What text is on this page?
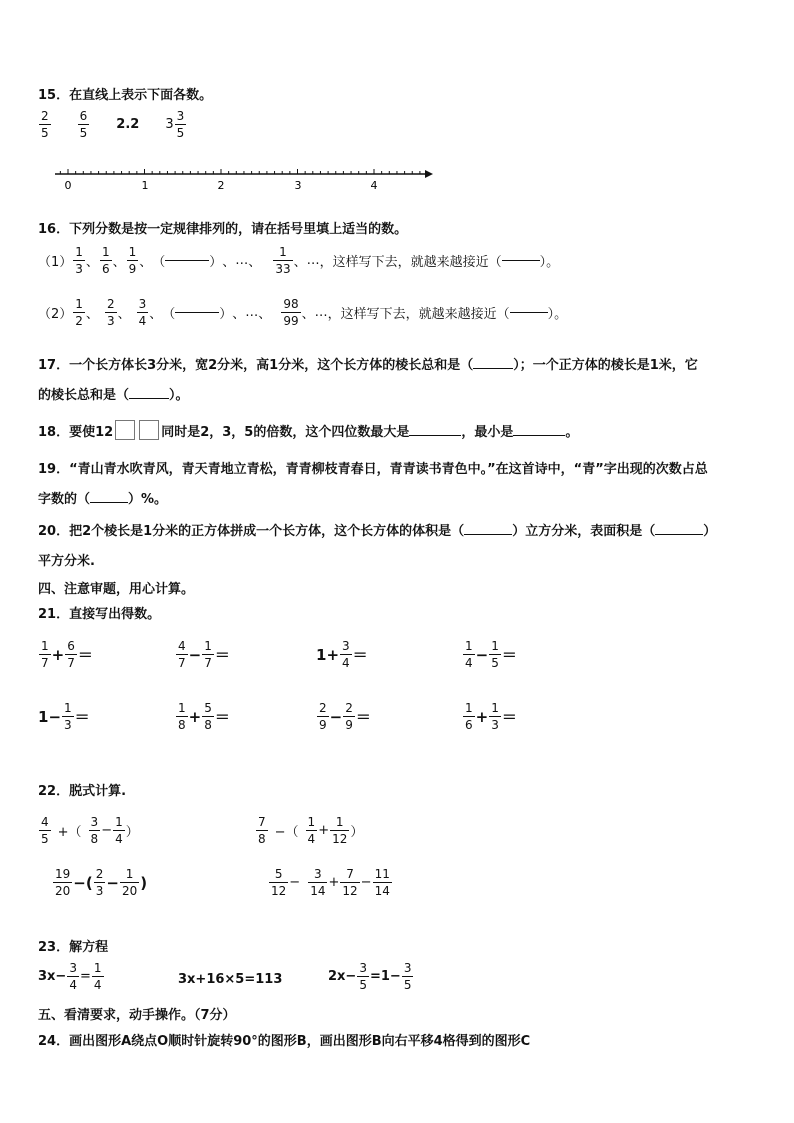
15．在直线上表示下面各数。
$\frac{2}{5} \frac{6}{5} 2.2$ $3 \frac{3}{5}$
0	1	2	3	4
16．下列分数是按一定规律排列的，请在括号里填上适当的数。
$(1) \frac{1}{3}$ 、 $\frac{1}{6}$ 、 $\frac{1}{9}$ 、 （	） 、 … 、 $\frac{1}{33}$ 、 … ，这样写下去，就越来越接近（	）。
$(2) \frac{1}{2}$ 、 $\frac{2}{3}$ 、 $\frac{3}{4}$ 、 （	） 、 … 、 $\frac{98}{99}$ 、 … ，这样写下去，就越来越接近（	）。
17．一个长方体长3分米，宽2分米，高1分米，这个长方体的棱长总和是（	）；一个正方体的棱长是1米，它
的棱长总和是（	）。
18．要使12	同时是2，3，5的倍数，这个四位数最大是	，最小是	。
19．“青山青水吹青风，青天青地立青松，青青柳枝青春日，青青读书青色中。”在这首诗中，“青”字出现的次数占总
字数的（	）%。
20．把2个棱长是1分米的正方体拼成一个长方体，这个长方体的体积是（	）立方分米，表面积是（	）
平方分米.
四、注意审题，用心计算。
21．直接写出得数。
$\frac{1}{7} + \frac{6}{7}$ ＝	$\frac{4}{7} - \frac{1}{7}$ ＝	$1 + \frac{3}{4}$ ＝	$\frac{1}{4} - \frac{1}{5}$ ＝
$1 - \frac{1}{3}$ ＝	$\frac{1}{8} + \frac{5}{8}$ ＝	$\frac{2}{9} - \frac{2}{9}$ ＝	$\frac{1}{6} + \frac{1}{3}$ ＝
22．脱式计算.
$\frac{4}{5}$ +（ $\frac{3}{8} - \frac{1}{4}$ ）	$\frac{7}{8}$ −（ $\frac{1}{4} + \frac{1}{12}$ ）
$\frac{19}{20}$ −( $\frac{2}{3} - \frac{1}{20}$ )	$\frac{5}{12} - \frac{3}{14} + \frac{7}{12} - \frac{11}{14}$
23．解方程
$3x- \frac{3}{4} = \frac{1}{4}$	3x+16×5=113	$2x- \frac{3}{5} =1- \frac{3}{5}$
五、看清要求，动手操作。（7分）
24．画出图形A绕点O顺时针旋转90°的图形B，画出图形B向右平移4格得到的图形C
